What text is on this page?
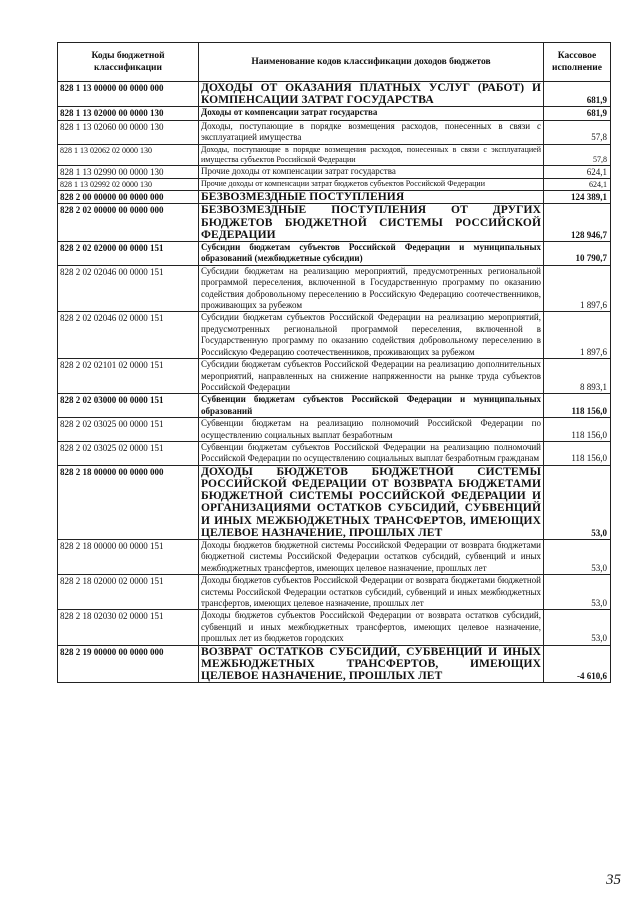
Коды бюджетной классификации	Наименование кодов классификации доходов бюджетов	Кассовое исполнение
828 1 13 00000 00 0000 000	ДОХОДЫ ОТ ОКАЗАНИЯ ПЛАТНЫХ УСЛУГ (РАБОТ) И КОМПЕНСАЦИИ ЗАТРАТ ГОСУДАРСТВА	681,9
828 1 13 02000 00 0000 130	Доходы от компенсации затрат государства	681,9
828 1 13 02060 00 0000 130	Доходы, поступающие в порядке возмещения расходов, понесенных в связи с эксплуатацией имущества	57,8
828 1 13 02062 02 0000 130	Доходы, поступающие в порядке возмещения расходов, понесенных в связи с эксплуатацией имущества субъектов Российской Федерации	57,8
828 1 13 02990 00 0000 130	Прочие доходы от компенсации затрат государства	624,1
828 1 13 02992 02 0000 130	Прочие доходы от компенсации затрат бюджетов субъектов Российской Федерации	624,1
828 2 00 00000 00 0000 000	БЕЗВОЗМЕЗДНЫЕ ПОСТУПЛЕНИЯ	124 389,1
828 2 02 00000 00 0000 000	БЕЗВОЗМЕЗДНЫЕ ПОСТУПЛЕНИЯ ОТ ДРУГИХ БЮДЖЕТОВ БЮДЖЕТНОЙ СИСТЕМЫ РОССИЙСКОЙ ФЕДЕРАЦИИ	128 946,7
828 2 02 02000 00 0000 151	Субсидии бюджетам субъектов Российской Федерации и муниципальных образований (межбюджетные субсидии)	10 790,7
828 2 02 02046 00 0000 151	Субсидии бюджетам на реализацию мероприятий, предусмотренных региональной программой переселения, включенной в Государственную программу по оказанию содействия добровольному переселению в Российскую Федерацию соотечественников, проживающих за рубежом	1 897,6
828 2 02 02046 02 0000 151	Субсидии бюджетам субъектов Российской Федерации на реализацию мероприятий, предусмотренных региональной программой переселения, включенной в Государственную программу по оказанию содействия добровольному переселению в Российскую Федерацию соотечественников, проживающих за рубежом	1 897,6
828 2 02 02101 02 0000 151	Субсидии бюджетам субъектов Российской Федерации на реализацию дополнительных мероприятий, направленных на снижение напряженности на рынке труда субъектов Российской Федерации	8 893,1
828 2 02 03000 00 0000 151	Субвенции бюджетам субъектов Российской Федерации и муниципальных образований	118 156,0
828 2 02 03025 00 0000 151	Субвенции бюджетам на реализацию полномочий Российской Федерации по осуществлению социальных выплат безработным	118 156,0
828 2 02 03025 02 0000 151	Субвенции бюджетам субъектов Российской Федерации на реализацию полномочий Российской Федерации по осуществлению социальных выплат безработным гражданам	118 156,0
828 2 18 00000 00 0000 000	ДОХОДЫ БЮДЖЕТОВ БЮДЖЕТНОЙ СИСТЕМЫ РОССИЙСКОЙ ФЕДЕРАЦИИ ОТ ВОЗВРАТА БЮДЖЕТАМИ БЮДЖЕТНОЙ СИСТЕМЫ РОССИЙСКОЙ ФЕДЕРАЦИИ И ОРГАНИЗАЦИЯМИ ОСТАТКОВ СУБСИДИЙ, СУБВЕНЦИЙ И ИНЫХ МЕЖБЮДЖЕТНЫХ ТРАНСФЕРТОВ, ИМЕЮЩИХ ЦЕЛЕВОЕ НАЗНАЧЕНИЕ, ПРОШЛЫХ ЛЕТ	53,0
828 2 18 00000 00 0000 151	Доходы бюджетов бюджетной системы Российской Федерации от возврата бюджетами бюджетной системы Российской Федерации остатков субсидий, субвенций и иных межбюджетных трансфертов, имеющих целевое назначение, прошлых лет	53,0
828 2 18 02000 02 0000 151	Доходы бюджетов субъектов Российской Федерации от возврата бюджетами бюджетной системы Российской Федерации остатков субсидий, субвенций и иных межбюджетных трансфертов, имеющих целевое назначение, прошлых лет	53,0
828 2 18 02030 02 0000 151	Доходы бюджетов субъектов Российской Федерации от возврата остатков субсидий, субвенций и иных межбюджетных трансфертов, имеющих целевое назначение, прошлых лет из бюджетов городских	53,0
828 2 19 00000 00 0000 000	ВОЗВРАТ ОСТАТКОВ СУБСИДИЙ, СУБВЕНЦИЙ И ИНЫХ МЕЖБЮДЖЕТНЫХ ТРАНСФЕРТОВ, ИМЕЮЩИХ ЦЕЛЕВОЕ НАЗНАЧЕНИЕ, ПРОШЛЫХ ЛЕТ	-4 610,6
35
